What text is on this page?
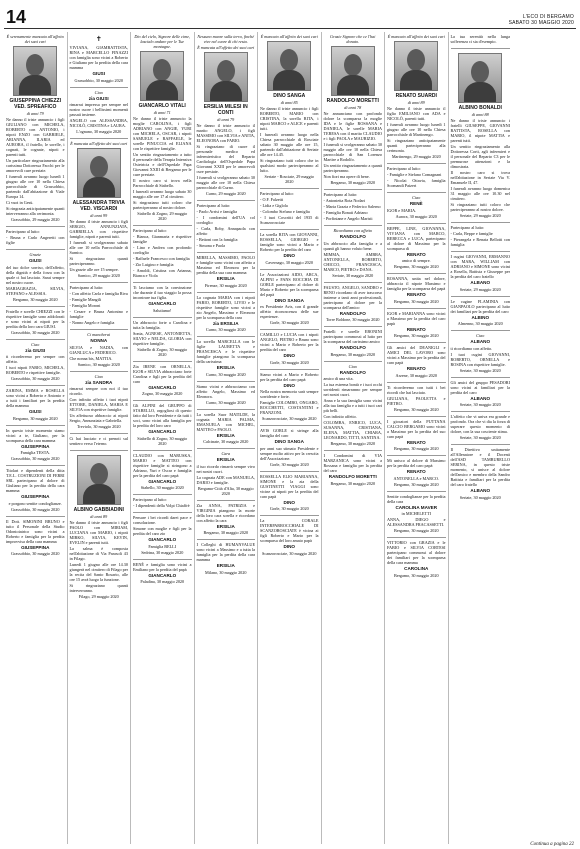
14	L'ECO DI BERGAMO
SABATO 30 MAGGIO 2020

È serenamente mancata all'affetto dei suoi cari

GIUSEPPINA CHIEZZI VED. SPREAFICO

di anni 79

Ne danno il triste annuncio i figli GIULIANO con MICHELA, ROBERTO con ANTONIO, i nipoti ENZO con GABRIELE, ARIANNA, ILARIA ed AURORA, il fratello, le sorelle, i cognati, le cognate, nipoti e parenti tutti.

Un particolare ringraziamento alla carissima Dottoressa Facchi per le amorevoli cure prestate.

I funerali avranno luogo lunedì 1 giugno alle ore 10 nella Chiesa parrocchiale di Grassobbio, partendo dall'abitazione di Viale Europa 14.

Ci vuoi in Gesù.

Si ringrazia anticipatamente quanti interverranno alla cerimonia.

Grassobbio, 29 maggio 2020

Partecipano al lutto:

- Bruna e Carlo Angeretti con figlie

Grazie

GIUSI

del tuo dolce sorriso, dell'affetto, della dignità e della forza con la quale ci hai lasciato. Sarai sempre nel nostro cuore.

MARIAGRAZIA, SILVIA, STEFANO e ALESSIA.

Bergamo, 30 maggio 2020

Fratello e sorelle CHIEZZI con le rispettive famiglie sono addolorati e sono vicini ai nipoti per la perdita della loro cara GIUSI.

Grassobbio, 30 maggio 2020

Ciao

zia GIUSI

ti ricorderemo per sempre con affetto.

I tuoi nipoti FABIO, MICHELA, ROBERTO e rispettive famiglie.

Grassobbio, 30 maggio 2020

ZARINA, EMMA e ROSELLA sono vicini a Roberto e Antonio e a tutti i familiari per la perdita della mamma

GIUSI
Bergamo, 30 maggio 2020

In questo triste momento siamo vicini a te, Giuliano, per la scomparsa della cara mamma

GIUSEPPINA

Famiglia TESTA.

Grassobbio, 30 maggio 2020

Titolari e dipendenti della ditta T.E.L. COSTRUZIONI DI FERRI SRL partecipano al dolore di Giuliano per la perdita della cara mamma

GIUSEPPINA

e porgono sentite condoglianze.

Grassobbio, 30 maggio 2020

Il Dott. SIMONINI BRUNO e tutto il Personale della Studio Odontoiatrico sono vicini a Roberto e famiglia per la perdita improvvisa della cara mamma

GIUSEPPINA
Grassobbio, 30 maggio 2020
✝

VIVIANA, GIAMBATTISTA, RINA e MARCELLO FINAZZI con famiglia sono vicini a Roberto e Giuliano per la perdita della cara mamma

GIUSI
Grassobbio, 30 maggio 2020

Ciao

zia GIUSI

rimarrai impressa per sempre nel nostro cuore i bellissimi momenti passati insieme.

ANGELO con ALESSANDRA, NICOLÒ, CRISTINA e LAURA.

L'ognano, 30 maggio 2020

È mancata all'affetto dei suoi cari

ALESSANDRA TRIVIA VED. VISCARDI

di anni 99

Ne danno il triste annuncio i figli SERGIO, ANNUNZIATA, GABRIELLA con rispettive famiglie, nipoti e parenti tutti.

I funerali si svolgeranno sabato alle ore 10 nella Parrocchiale di Sarnico.

Si ringraziano quanti parteciperanno.

Un grazie alle ore 15 sempre.

Sarnico, 29 maggio 2020

Partecipano al lutto:

- Con affetto Carla e famiglia Riva

- Famiglie Mangili

- Famiglia Moroni

- Cesare e Bruna Antonino e famiglie

- Nonno Angelo e famiglia

Ci mancherai

NONNA

SILVIA e NADIA, con GIANLUCA e FEDERICO.

Che nonna bis, MATTIA.

Sarnico, 30 maggio 2020

Ciao

zia SANDRA

rimarrai sempre con noi il tuo ricordo.

Con infinito affetto i tuoi nipoti ETTORE, DANIELA, MARIA E SILVIA con rispettive famiglie.

Un affettuoso abbraccio ai nipoti Sergio, Annunziata e Gabriella.

Treviolo, 30 maggio 2020

Ci hai lasciato e ci prenoti sul sentiero verso l'eterno.

ALBINO GABBIADINI

di anni 89

Ne danno il triste annuncio i figli PAOLO con MIRIAM, LUCIANA con MARIO, i nipoti MIRKO, SILVIA, KEVIN, EVELIN e parenti tutti.

La salma è composta nell'abitazione di Via Parasoli 43 in Filago.

Lunedì 1 giugno alle ore 14.30 giungerà nel cimitero di Filago per la recita del Santo Rosario, alle ore 15 avrà luogo la funzione.

Si ringraziano quanti interverranno.

Filago, 29 maggio 2020

Dio del cielo, Signore delle cime, lascialo andare per le Tue montagne.

GIANCARLO VITALI

di anni 71

Ne danno il triste annuncio la moglie CAROLINA, i figli ADRIANO con ANGIE, YURI con MICHELA, OSCAR, i nipoti SAMUELE e RAFFAELE, le sorelle PINUCCIA ed ELIANA con le rispettive famiglie.

Un sentito ringraziamento a tutto il personale della Terapia Intensiva Ostetricia e dell'Ospedale Papa Giovanni XXIII di Bergamo per le cure prestate.

Il nostro caro si trova nella Parrocchiale di Stabello.

I funerali avranno luogo sabato 30 maggio alle ore 17 al cimitero.

Si ringraziano tutti coloro che parteciperanno al nostro dolore.

Stabello di Zogno, 29 maggio 2020

Partecipano al lutto:

- Bianca, Gianmaria e rispettive famiglie

- Lino e Andrea con profondo cordoglio

- Raffaele Francesco con famiglia

- Zio Luigino e famiglia

- Arnoldi, Cristina con Arianna, Bianca e Viola

Ti lasciamo con la convinzione che durante il tuo viaggio la possa incontrare tua figlia.

GIANCARLO

Salutiamo!

Un abbraccio forte a Carolina e tutta la famiglia.

Sonia, AGNESE, ANTONIETTA, SILVIO e NELDA, GLORIA con rispettive famiglie.

Stabello di Zogno, 30 maggio 2020

Zia IRENE con ORNELLA, IGOR e SILVIA abbracciano forte Carolina e figli per la perdita del caro

GIANCARLO
Zogno, 30 maggio 2020

Gli ALPINI del GRUPPO di STABELLO, orgogliosi di questo fatto dal loro Presidente e da tutti i soci, sono vicini alla famiglia per la perdita del loro caro

GIANCARLO
Stabello di Zogno, 30 maggio 2020

CLAUDIO con MARUSKA, MARIO e MATTEO con rispettive famiglie si stringono a Adriano, Yuri e Oscar e famiglia per la perdita del caro papà

GIANCARLO
Stabello, 30 maggio 2020

Partecipano al lutto:

- I dipendenti della Volpi Chiaffrè

Pensare i bei ricordi darei pace e consolazione.

Simone con moglie e figli per la perdita del caro zio

GIANCARLO

Famiglia BELLI

Sedrina, 30 maggio 2020

RENÉ e famiglia sono vicini a Emiliano per la perdita del papà

GIANCARLO
Paladina, 30 maggio 2020

Nessuno muore sulla terra, finché vive nel cuore di chi resta.

È mancata all'affetto dei suoi cari

ERSILIA MILESI IN CONTI

di anni 79

Ne danno il triste annuncio il marito ANGELO, i figli MASSIMO con SILVIA e ANITA, ELEONORA con FABIO.

Si ringraziano di cuore il personale medico ed infermieristico del Reparto Cardiologia dell'Ospedale Papa Giovanni XXIII per le amorevoli cure prestate.

I funerali si svolgeranno sabato 30 maggio alle ore 10 nella Chiesa parrocchiale di Curno.

Curno, 29 maggio 2020

Partecipano al lutto:

- Paolo Arrisi e famiglia

- I condomini dell'UA col cordoglio

- Carla, Roby, Annapaola con affetto

- Bettoni con la famiglia

- Simona e Paola

MIRELLA, MASSIMO, PAOLO e famiglie sono vicini con affetto a Massimo ed Eleonora per la perdita della sua cara mamma

ERSILIA
Firenze, 30 maggio 2020

La cognata MARIA con i nipoti FABIO, ROBERTO, LIVIO e le rispettive famiglie sono vicini a zio Angelo, Massimo e Eleonora per la scomparsa della cara

zia ERSILIA
Curno, 30 maggio 2020

La sorella MARCELLA con le figlie LAURETTA e FRANCESCA e le rispettive famiglie piangono la scomparsa della carissima

ERSILIA
Curno, 30 maggio 2020

Siamo vicini e abbracciamo con affetto Angelo, Massimo ed Eleonora.

Curno, 30 maggio 2020

La sorella Suor MATILDE, la cognata MARIA PALMA, EMANUELA con MICHEL, MATTEO e PAOLO.

ERSILIA
Calcinate, 30 maggio 2020

Cara

ERSILIA

il tuo ricordo rimarrà sempre vivo nei nostri cuori.

La cognata ADE con MANUELA, DARIO e famiglie.

Bergamo-Città d'Alta, 30 maggio 2020

Zia ANNA, PATRIZIA e VIRGINIA piangono la morte della loro cara sorella e ricordano con affetto la cara

ERSILIA
Bergamo, 30 maggio 2020

I Colleghi di HUMANVALUE sono vicini a Massimo e a tutta la famiglia per la perdita della cara mamma

ERSILIA
Milano, 30 maggio 2020

È mancato all'affetto dei suoi cari

DINO SANGA

di anni 85

Ne danno il triste annuncio i figli ROBERTO, MARIO con CRISTINA, la sorella RITA, i nipoti MARCO e ALICE e parenti tutti.

I funerali avranno luogo nella Chiesa parrocchiale di Rosciate sabato 30 maggio alle ore 15, partendo dall'abitazione di Seriate alle ore 14.45.

Si ringraziano tutti coloro che in qualsiasi modo parteciperanno al lutto.

Seriate - Rosciate, 29 maggio 2020

Partecipano al lutto:

- O.F. Falzetti

- Lidia e Giglola

- Colombo Stefano e famiglia

- I tuoi Coscritti del 1935 di Scanzorosciate

La sorella RITA con GIOVANNI, ROSSELLA, GIORGIO e famiglie sono vicini a Mario e Roberto per la perdita del caro

DINO
Cavernago, 30 maggio 2020

Le Associazioni AIDO, ARCA, ALPINI e FANS ROCCHIA DI GORLE partecipano al dolore di Mario e Roberto per la scomparsa del papà

DINO SANGA

ex Presidente Avis, con il grande affetto riconoscenza delle sue esperienze.

Gorle, 30 maggio 2020

CAMILLO e LUCIA con i nipoti ANGELO, PIETRO e Bruno sono vicini a Mario e Roberto per la perdita del caro

DINO
Gorle, 30 maggio 2020

Siamo vicini a Mario e Roberto per la perdita del caro papà

DINO

Nella nostra memoria sarà sempre sorridente e forte.

Famiglie COLOMBO, ONGARO, ROCCHETTI, COSTANTINI e FRANZONI.

Scanzorosciate, 30 maggio 2020

AVIS GORLE si stringe alla famiglia del caro

DINO SANGA

per anni suo stimato Presidente e sempre molto attivo per la crescita dell'Associazione.

Gorle, 30 maggio 2020

ROSSELLA ELIO MARIANNA, SIMONE e la zia della GUSTINETTI VIAGGI sono vicine ai nipoti per la perdita del caro papà

DINO
Gorle, 30 maggio 2020

La CORALE INTERPARROCCHIALE DI SCANZOROSCIATE è vicina ai figli Roberto e Mario per la scomparsa del loro amato papà

DINO
Scanzorosciate, 30 maggio 2020

Grazie Signore che ce l'hai donato.

RANDOLFO MORETTI

di anni 78

Ne annunciano con profondo dolore la scomparsa la moglie IDA e le figlie ROSSANA e DANIELA, le sorelle MARIA TERESA con il marito CLAUDIO e i figli PAOLA e MAURIZIO.

I funerali si svolgeranno sabato 30 maggio alle ore 10 nella Chiesa parrocchiale di San Lorenzo Martire a Rodolfo.

Un sentito ringraziamento a quanti parteciperanno.

Non fiori ma opere di bene.

Bergamo, 30 maggio 2020

Partecipano al lutto:

- Antonietta Rota Nodari

- Maria Grazia e Federico Salerno

- Famiglia Bonati Adriano

- Porfiniane e Angelo Maristi

Ricordiamo con affetto

RANDOLFO

Un abbraccio alla famiglia e a quanti gli hanno voluto bene.

MIMMA, AMBRA, ANTONELLA, ROBERTO, CHICCO, FRANCESCA, MARCO, PIETRO e DANA.

Seriate, 30 maggio 2020

FAUSTO, ANGELO, SANDRO e RENO ricordano di aver trascorso insieme a tanti anni professionali, partecipano al dolore per la scomparsa dell'amico

RANDOLFO
Torre Boldone, 30 maggio 2020

Fratelli e sorelle EBONINI partecipano commossi al lutto per la scomparsa del carissimo amico

RANDOLFO
Bergamo, 30 maggio 2020

Ciao

RANDOLFO

amico di una vita.

La tua estrema bontà e i tuoi occhi sorridenti rimarranno per sempre nei nostri cuori.

Anna e la sua famiglia sono vicini alla tua famiglia e a tutti i tuoi cari più belli.

Con infinito affetto.

COLOMBA, ENRICO, LUCA, SUSANNA, CRISTIANA, ELENA, MATTIA, CHIARA, LEONARDO, TITTI, SANTINA.

Bergamo, 30 maggio 2020

I Condomini di VIA MARZANICA sono vicini a Rossana e famiglia per la perdita del caro

RANDOLFO MORETTI
Bergamo, 30 maggio 2020

È mancato all'affetto dei suoi cari

RENATO SUARDI

di anni 89

Ne danno il triste annuncio il figlio EMILIANO con ADA e NICOLÒ, parenti tutti.

I funerali avranno luogo lunedì 1 giugno alle ore 10 nella Chiesa parrocchiale di Martinengo.

Si ringraziano anticipatamente quanti parteciperanno alla cerimonia.

Martinengo, 29 maggio 2020

Partecipano al lutto:

- Famiglie e Stefano Comagnani

- Nicolai Ottavia, famiglia Scomandi Paizeri

Ciao

RENÈ

IGOR e MARIA.

Aurora, 30 maggio 2020

BEPPE, LINE, GIOVANNA, VIVIANA con MARCO, REBECCA e LUCA, partecipano al dolore di Massimo per la scomparsa di

RENATO

amico di sempre.

Bergamo, 30 maggio 2020

ROSANNA, unita nel dolore, abbraccia il nipote Massimo e famiglia per la scomparsa del papà

RENATO
Bergamo, 30 maggio 2020

IGOR e MARIANNA sono vicini a Massimo per la perdita del caro papà

RENATO
Bergamo, 30 maggio 2020

Gli amici del DEANIGLI e AMICI DEL LAVORO sono vicini a Massimo per la perdita del caro papà

RENATO
Arzene, 30 maggio 2020

Ti ricorderemo con tutti i bei ricordi che hai lasciato.

GIULIANA, PAOLETTA e PIETRO.

Bergamo, 30 maggio 2020

I giocatori della PUTTANA CALCIO BERGAMO sono vicini a Massimo per la perdita del suo caro papà

RENATO
Bergamo, 30 maggio 2020

Mi unisco al dolore di Massimo per la perdita del caro papà

RENATO

ANTONELLA e MARCO.

Bergamo, 30 maggio 2020

Sentite condoglianze per la perdita della cara

CAROLINA MAVER

in MICHELETTI

ANNA, DIEGO e ALESSANDRA FRACASSETTI.

Bergamo, 30 maggio 2020

VITTORIO con GRAZIA e le FABIO e SILVIA CORTESI partecipano commossi al dolore dei familiari per la scomparsa della cara mamma

CAROLINA
Bergamo, 30 maggio 2020

La tua serenità nella lunga sofferenza ci sia d'esempio.

ALBINO BONALDI

di anni 88

Ne danno il triste annuncio i fratelli GIUSEPPE, GIOVANNI BATTISTA, ROSELLA con MARIO, il nipote MATTIA e parenti tutti.

Un sentito ringraziamento alla Dottoressa Corti, agli infermieri e il personale del Reparto C3 per le premurose attenzioni e la dimostrata.

Il nostro caro si trova nell'abitazione in Seriate Via V. Emanuele II, 47.

I funerali avranno luogo domenica 31 maggio alle ore 10.30 nel cimitero.

Si ringraziano tutti coloro che parteciperanno al nostro dolore.

Seriate, 29 maggio 2020

Partecipano al lutto:

- Carla, Beppe e famiglie

- Pierangela e Renata Bellotti con famiglia

I cugini GIOVANNI, ERMANNO con MARA, WILLIAM con ADRIANO e SIMONE sono vicini a Rosella, Battista e Giuseppe per la perdita del caro fratello

ALBANO
Seriate, 29 maggio 2020

Le cugine FLAMINIA con GIANPAOLO partecipano al lutto dei familiari per la perdita del caro

ALBINO
Almenno, 30 maggio 2020

Ciao

ALBANO

ti ricordiamo con affetto.

I tuoi cugini GIOVANNI, ROBERTO, ORNELLA e ROSINA con rispettive famiglie.

Seriate, 30 maggio 2020

Gli amici del gruppo PESADORI sono vicini ai familiari per la perdita del caro

ALBANO
Seriate, 30 maggio 2020

L'affetto che vi univa era grande e profondo. Ora che vi dia la forza di superare questo momento di dolore, con la sua cosciente stima.

Seriate, 30 maggio 2020

Il Direttivo unitamente all'Allenatore e il Docenti dell'ASD TAMBURELLO SERINA, in questo triste momento, si unisce al dolore dell'amico e membro della Sandro Battista e familiari per la perdita del caro fratello

ALBANO
Seriate, 30 maggio 2020
Continua a pagina 22
